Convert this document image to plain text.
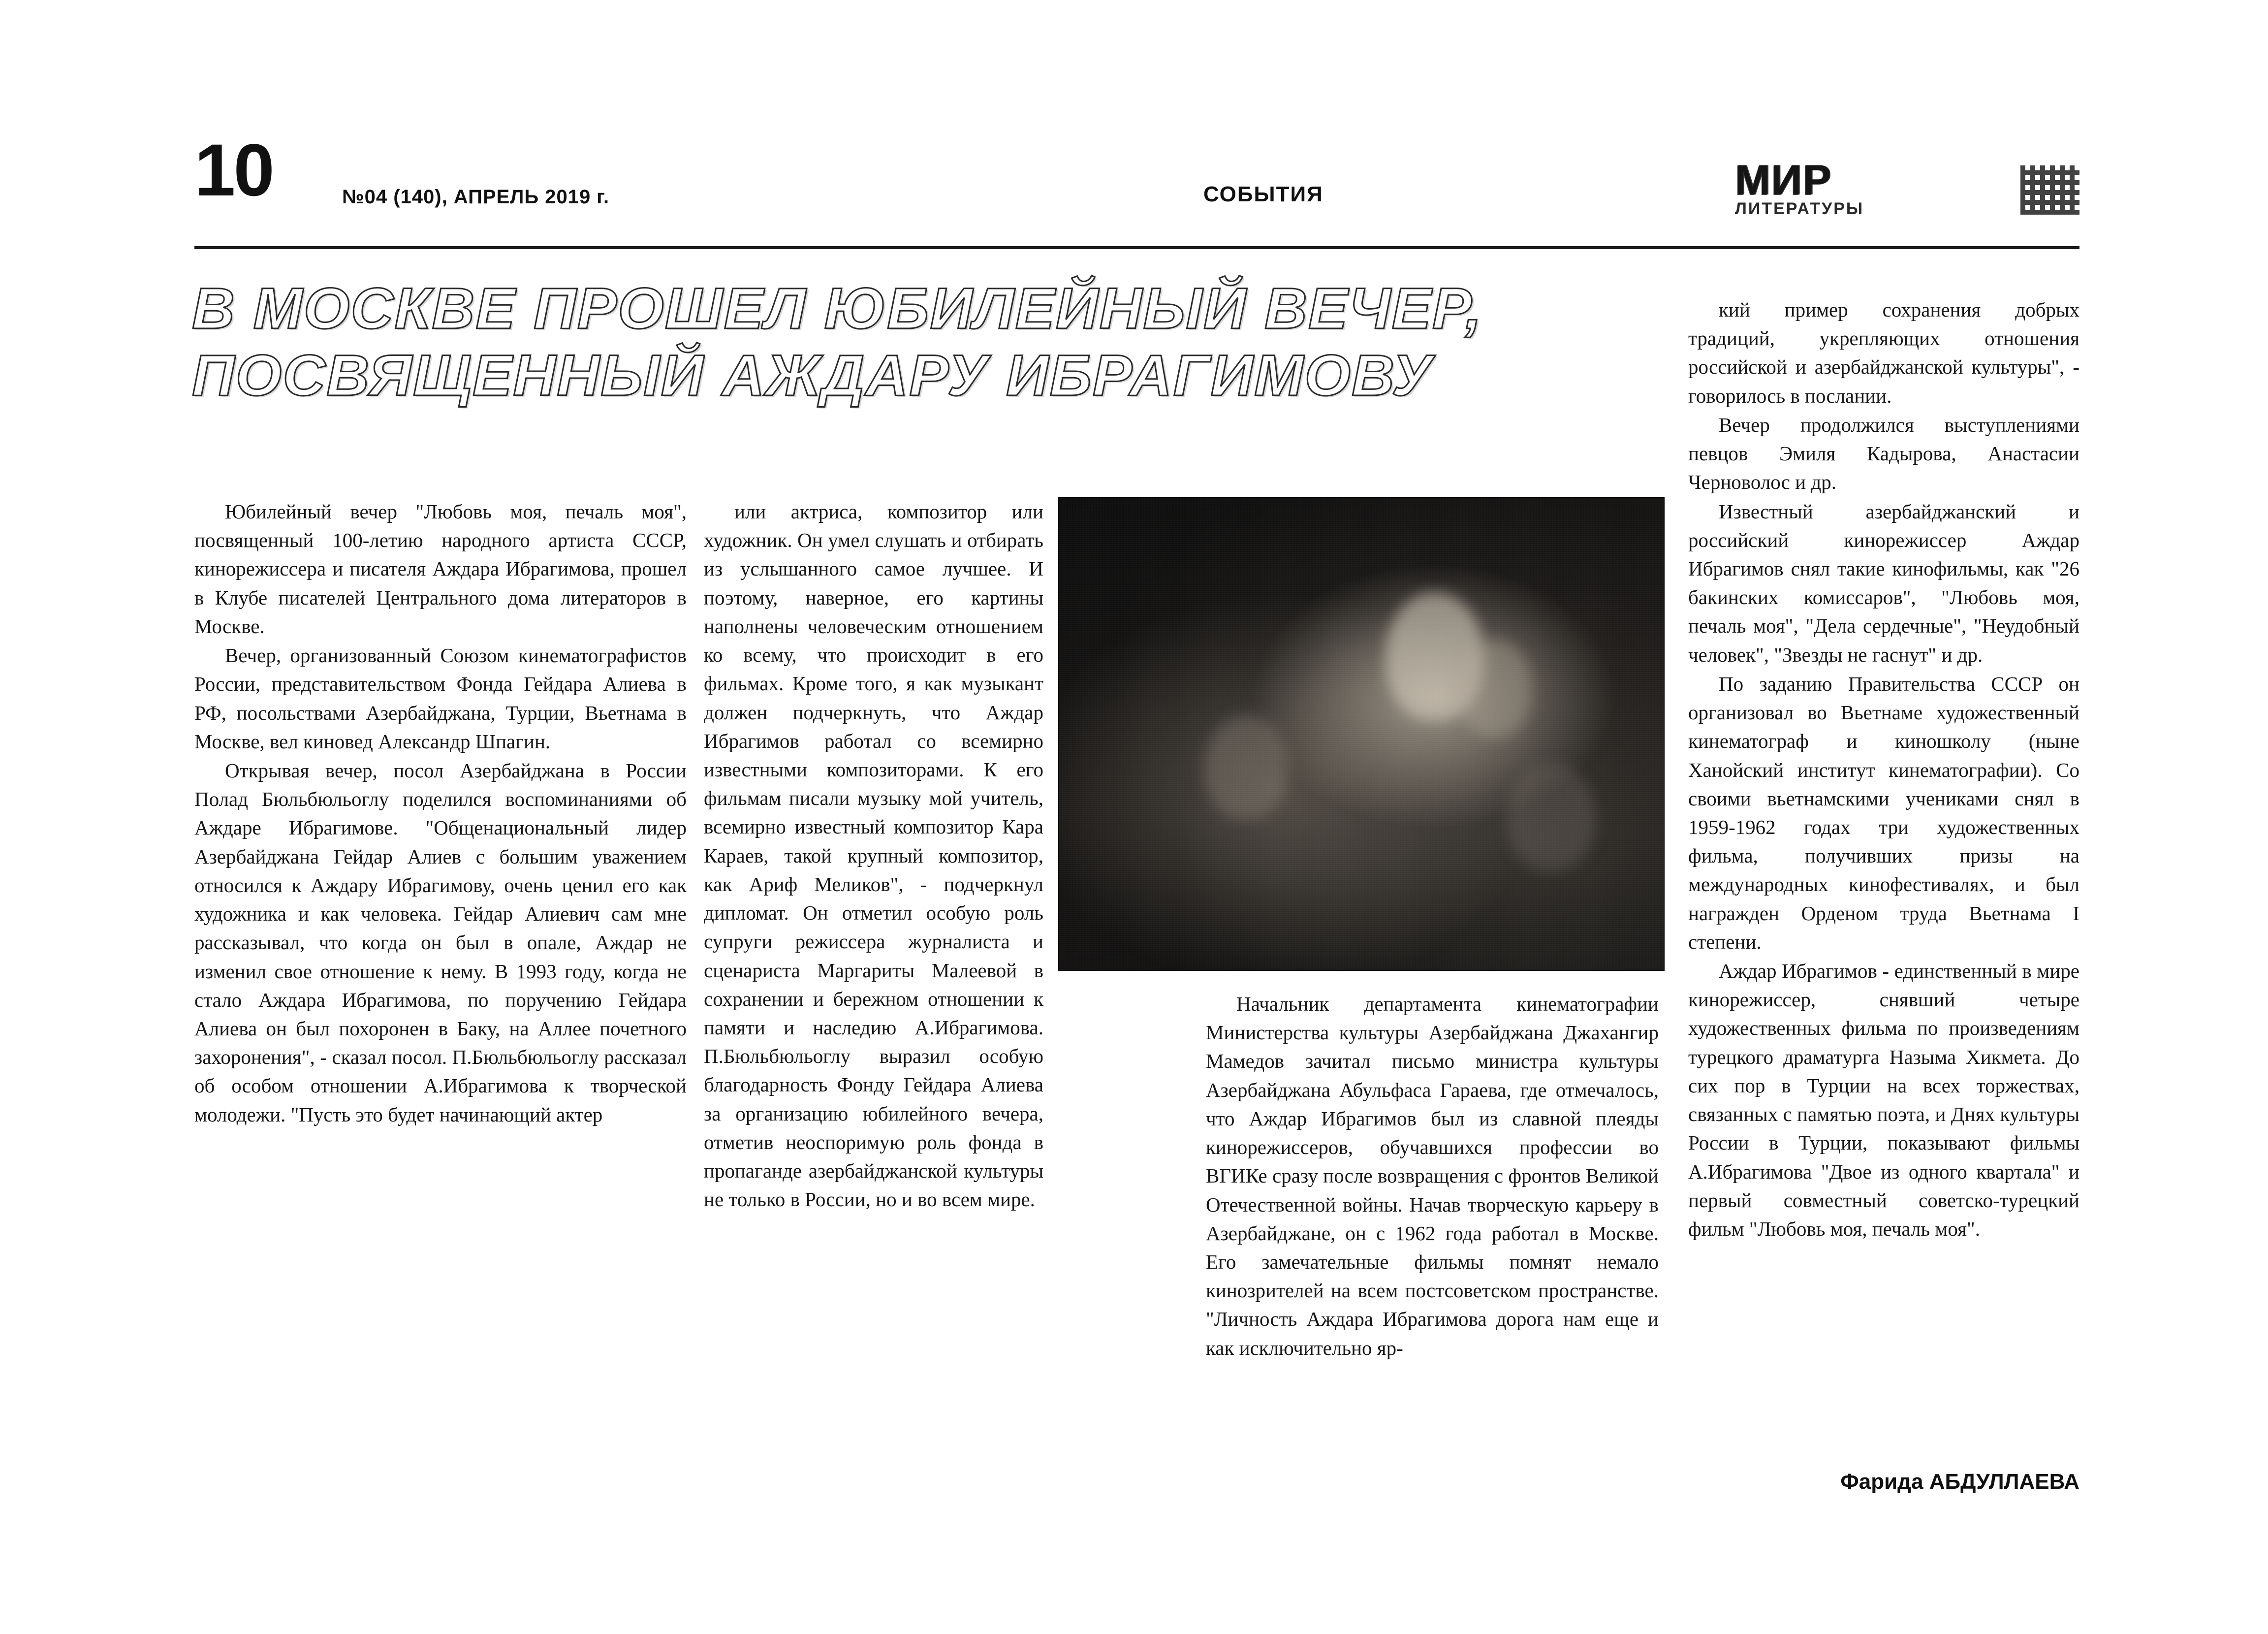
10	№04 (140), АПРЕЛЬ 2019 г.	СОБЫТИЯ	МИР
ЛИТЕРАТУРЫ
В МОСКВЕ ПРОШЕЛ ЮБИЛЕЙНЫЙ ВЕЧЕР,
ПОСВЯЩЕННЫЙ АЖДАРУ ИБРАГИМОВУ

Юбилейный вечер "Любовь моя, печаль моя", посвященный 100-летию народного артиста СССР, кинорежиссера и писателя Аждара Ибрагимова, прошел в Клубе писателей Центрального дома литераторов в Москве.

Вечер, организованный Союзом кинематографистов России, представительством Фонда Гейдара Алиева в РФ, посольствами Азербайджана, Турции, Вьетнама в Москве, вел киновед Александр Шпагин.

Открывая вечер, посол Азербайджана в России Полад Бюльбюльоглу поделился воспоминаниями об Аждаре Ибрагимове. "Общенациональный лидер Азербайджана Гейдар Алиев с большим уважением относился к Аждару Ибрагимову, очень ценил его как художника и как человека. Гейдар Алиевич сам мне рассказывал, что когда он был в опале, Аждар не изменил свое отношение к нему. В 1993 году, когда не стало Аждара Ибрагимова, по поручению Гейдара Алиева он был похоронен в Баку, на Аллее почетного захоронения", - сказал посол. П.Бюльбюльоглу рассказал об особом отношении А.Ибрагимова к творческой молодежи. "Пусть это будет начинающий актер

или актриса, композитор или художник. Он умел слушать и отбирать из услышанного самое лучшее. И поэтому, наверное, его картины наполнены человеческим отношением ко всему, что происходит в его фильмах. Кроме того, я как музыкант должен подчеркнуть, что Аждар Ибрагимов работал со всемирно известными композиторами. К его фильмам писали музыку мой учитель, всемирно известный композитор Кара Караев, такой крупный композитор, как Ариф Меликов", - подчеркнул дипломат. Он отметил особую роль супруги режиссера журналиста и сценариста Маргариты Малеевой в сохранении и бережном отношении к памяти и наследию А.Ибрагимова. П.Бюльбюльоглу выразил особую благодарность Фонду Гейдара Алиева за организацию юбилейного вечера, отметив неоспоримую роль фонда в пропаганде азербайджанской культуры не только в России, но и во всем мире.

Начальник департамента кинематографии Министерства культуры Азербайджана Джахангир Мамедов зачитал письмо министра культуры Азербайджана Абульфаса Гараева, где отмечалось, что Аждар Ибрагимов был из славной плеяды кинорежиссеров, обучавшихся профессии во ВГИКе сразу после возвращения с фронтов Великой Отечественной войны. Начав творческую карьеру в Азербайджане, он с 1962 года работал в Москве. Его замечательные фильмы помнят немало кинозрителей на всем постсоветском пространстве. "Личность Аждара Ибрагимова дорога нам еще и как исключительно яр-

кий пример сохранения добрых традиций, укрепляющих отношения российской и азербайджанской культуры", - говорилось в послании.

Вечер продолжился выступлениями певцов Эмиля Кадырова, Анастасии Черноволос и др.

Известный азербайджанский и российский кинорежиссер Аждар Ибрагимов снял такие кинофильмы, как "26 бакинских комиссаров", "Любовь моя, печаль моя", "Дела сердечные", "Неудобный человек", "Звезды не гаснут" и др.

По заданию Правительства СССР он организовал во Вьетнаме художественный кинематограф и киношколу (ныне Ханойский институт кинематографии). Со своими вьетнамскими учениками снял в 1959-1962 годах три художественных фильма, получивших призы на международных кинофестивалях, и был награжден Орденом труда Вьетнама I степени.

Аждар Ибрагимов - единственный в мире кинорежиссер, снявший четыре художественных фильма по произведениям турецкого драматурга Назыма Хикмета. До сих пор в Турции на всех торжествах, связанных с памятью поэта, и Днях культуры России в Турции, показывают фильмы А.Ибрагимова "Двое из одного квартала" и первый совместный советско-турецкий фильм "Любовь моя, печаль моя".

Фарида АБДУЛЛАЕВА
